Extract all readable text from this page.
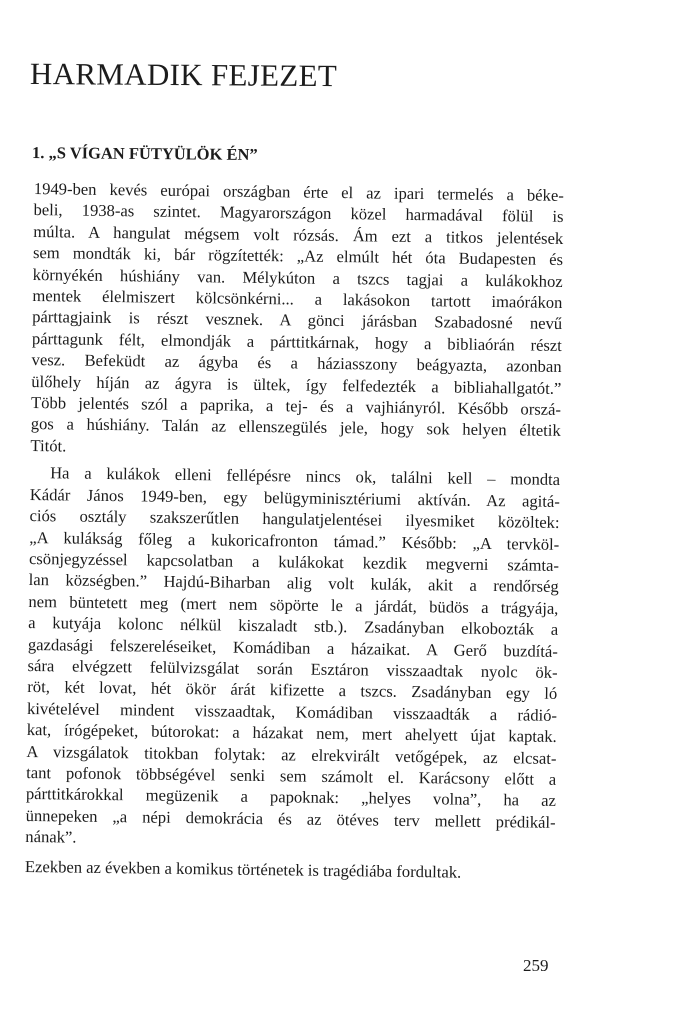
HARMADIK FEJEZET
1. „S VÍGAN FÜTYÜLÖK ÉN”
1949-ben kevés európai országban érte el az ipari termelés a béke-
beli, 1938-as szintet. Magyarországon közel harmadával fölül is
múlta. A hangulat mégsem volt rózsás. Ám ezt a titkos jelentések
sem mondták ki, bár rögzítették: „Az elmúlt hét óta Budapesten és
környékén húshiány van. Mélykúton a tszcs tagjai a kulákokhoz
mentek élelmiszert kölcsönkérni... a lakásokon tartott imaórákon
párttagjaink is részt vesznek. A gönci járásban Szabadosné nevű
párttagunk félt, elmondják a párttitkárnak, hogy a bibliaórán részt
vesz. Befeküdt az ágyba és a háziasszony beágyazta, azonban
ülőhely híján az ágyra is ültek, így felfedezték a bibliahallgatót.”
Több jelentés szól a paprika, a tej- és a vajhiányról. Később orszá-
gos a húshiány. Talán az ellenszegülés jele, hogy sok helyen éltetik
Titót.
Ha a kulákok elleni fellépésre nincs ok, találni kell – mondta
Kádár János 1949-ben, egy belügyminisztériumi aktíván. Az agitá-
ciós osztály szakszerűtlen hangulatjelentései ilyesmiket közöltek:
„A kulákság főleg a kukoricafronton támad.” Később: „A tervköl-
csönjegyzéssel kapcsolatban a kulákokat kezdik megverni számta-
lan községben.” Hajdú-Biharban alig volt kulák, akit a rendőrség
nem büntetett meg (mert nem söpörte le a járdát, büdös a trágyája,
a kutyája kolonc nélkül kiszaladt stb.). Zsadányban elkobozták a
gazdasági felszereléseiket, Komádiban a házaikat. A Gerő buzdítá-
sára elvégzett felülvizsgálat során Esztáron visszaadtak nyolc ök-
röt, két lovat, hét ökör árát kifizette a tszcs. Zsadányban egy ló
kivételével mindent visszaadtak, Komádiban visszaadták a rádió-
kat, írógépeket, bútorokat: a házakat nem, mert ahelyett újat kaptak.
A vizsgálatok titokban folytak: az elrekvirált vetőgépek, az elcsat-
tant pofonok többségével senki sem számolt el. Karácsony előtt a
párttitkárokkal megüzenik a papoknak: „helyes volna”, ha az
ünnepeken „a népi demokrácia és az ötéves terv mellett prédikál-
nának”.
Ezekben az években a komikus történetek is tragédiába fordultak.

259
